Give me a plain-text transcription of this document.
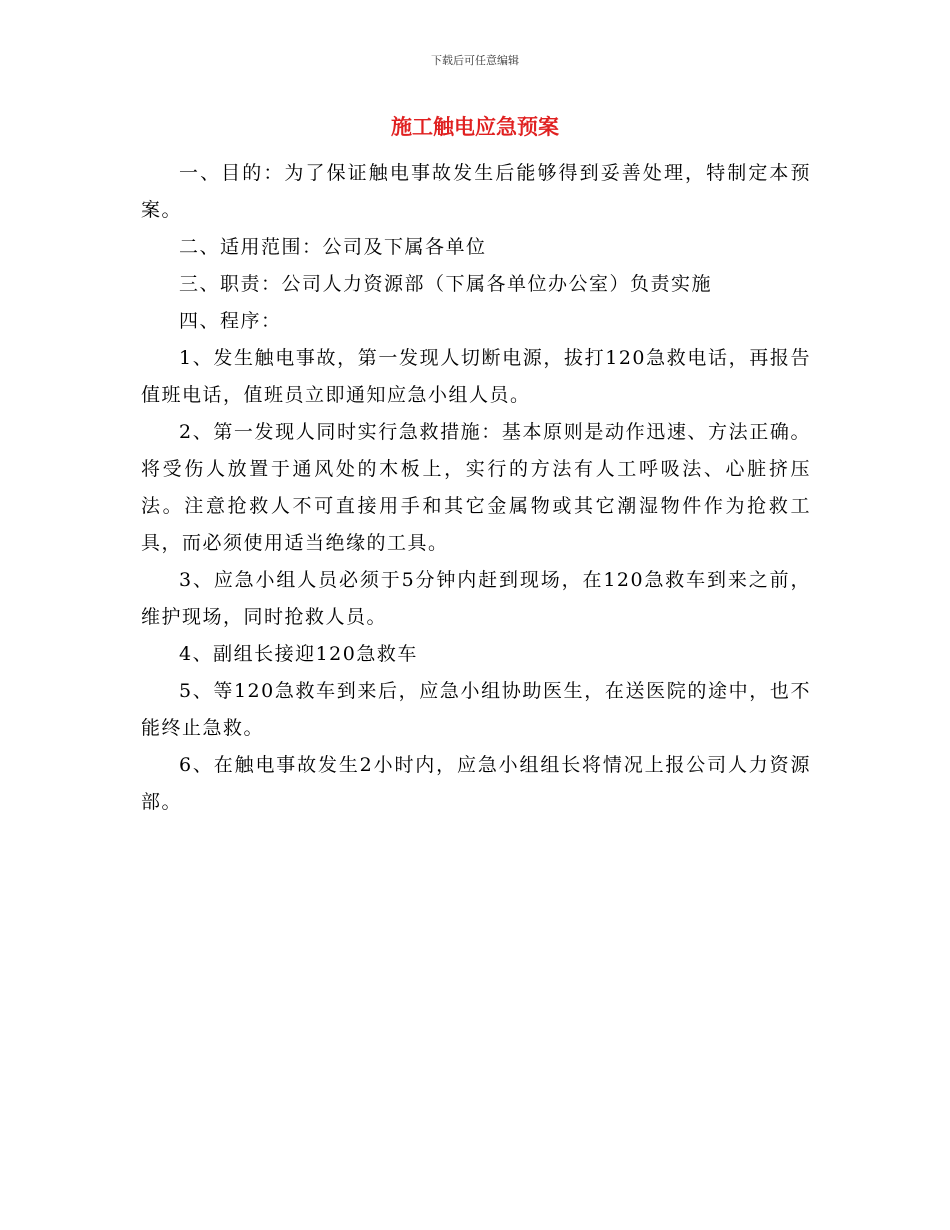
下载后可任意编辑
施工触电应急预案

一、目的：为了保证触电事故发生后能够得到妥善处理，特制定本预案。

二、适用范围：公司及下属各单位

三、职责：公司人力资源部（下属各单位办公室）负责实施

四、程序：

1、发生触电事故，第一发现人切断电源，拔打120急救电话，再报告值班电话，值班员立即通知应急小组人员。

2、第一发现人同时实行急救措施：基本原则是动作迅速、方法正确。将受伤人放置于通风处的木板上，实行的方法有人工呼吸法、心脏挤压法。注意抢救人不可直接用手和其它金属物或其它潮湿物件作为抢救工具，而必须使用适当绝缘的工具。

3、应急小组人员必须于5分钟内赶到现场，在120急救车到来之前，维护现场，同时抢救人员。

4、副组长接迎120急救车

5、等120急救车到来后，应急小组协助医生，在送医院的途中，也不能终止急救。

6、在触电事故发生2小时内，应急小组组长将情况上报公司人力资源部。
